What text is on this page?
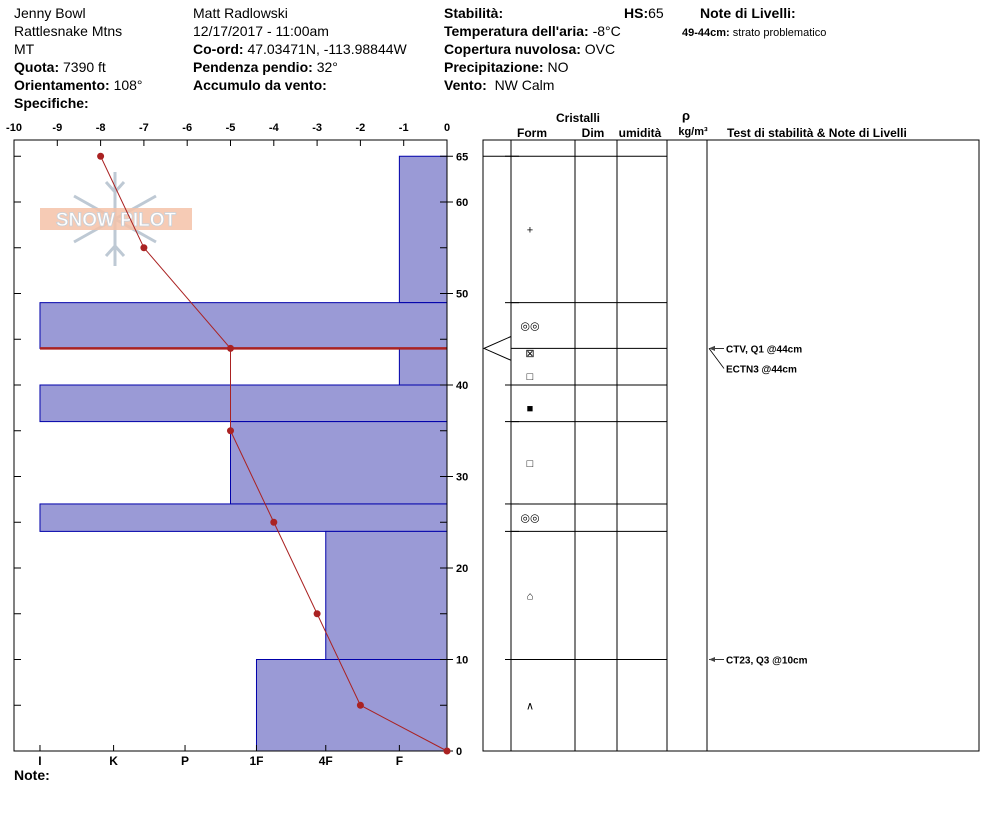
Jenny Bowl
Rattlesnake Mtns
MT
Quota: 7390 ft
Orientamento: 108°
Specifiche:
Matt Radlowski
12/17/2017 - 11:00am
Co-ord: 47.03471N, -113.98844W
Pendenza pendio: 32°
Accumulo da vento:
Stabilità:	HS:65
Temperatura dell'aria: -8°C
Copertura nuvolosa: OVC
Precipitazione: NO
Vento: NW Calm
Note di Livelli:
49-44cm: strato problematico
Note:
SNOW PILOT
-10	-9	-8	-7	-6	-5	-4	-3	-2	-1	0
0
10
20
30
40
50
60
65
I	K	P	1F	4F	F
Cristalli
Form	Dim umidità
ρ
kg/m³ Test di stabilità & Note di Livelli
+
◎◎
⊠
□
■
□
◎◎
⌂
∧
CTV, Q1 @44cm
ECTN3 @44cm
CT23, Q3 @10cm
